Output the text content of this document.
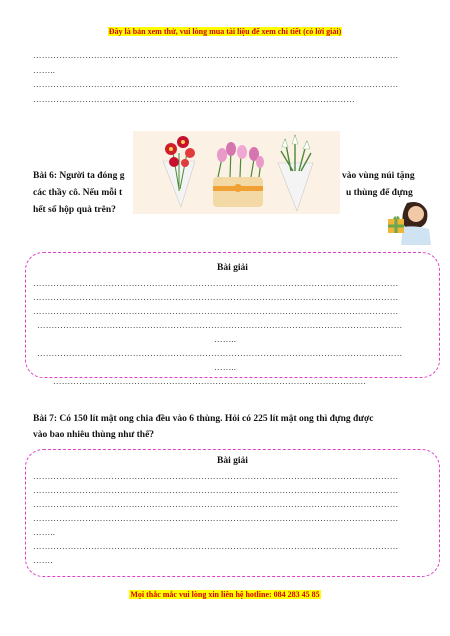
Đây là bản xem thử, vui lòng mua tài liệu để xem chi tiết (có lời giải)
………………………………………………………………………………………………………………
……..
………………………………………………………………………………………………………………
…………………………………………………………………………………………………
Bài 6: Người ta đóng g	vào vùng núi tặng
các thầy cô. Nếu mỗi t	u thùng để đựng
hết số hộp quà trên?
Bài giải
………………………………………………………………………………………………………………
………………………………………………………………………………………………………………
………………………………………………………………………………………………………………
………………………………………………………………………………………………………………
……..
………………………………………………………………………………………………………………
……..
………………………………………………………………………………………………
Bài 7: Có 150 lít mật ong chia đều vào 6 thùng. Hỏi có 225 lít mật ong thì đựng được
vào bao nhiêu thùng như thế?
Bài giải
………………………………………………………………………………………………………………
………………………………………………………………………………………………………………
………………………………………………………………………………………………………………
………………………………………………………………………………………………………………
……..
………………………………………………………………………………………………………………
…….
Mọi thắc mắc vui lòng xin liên hệ hotline: 084 283 45 85
